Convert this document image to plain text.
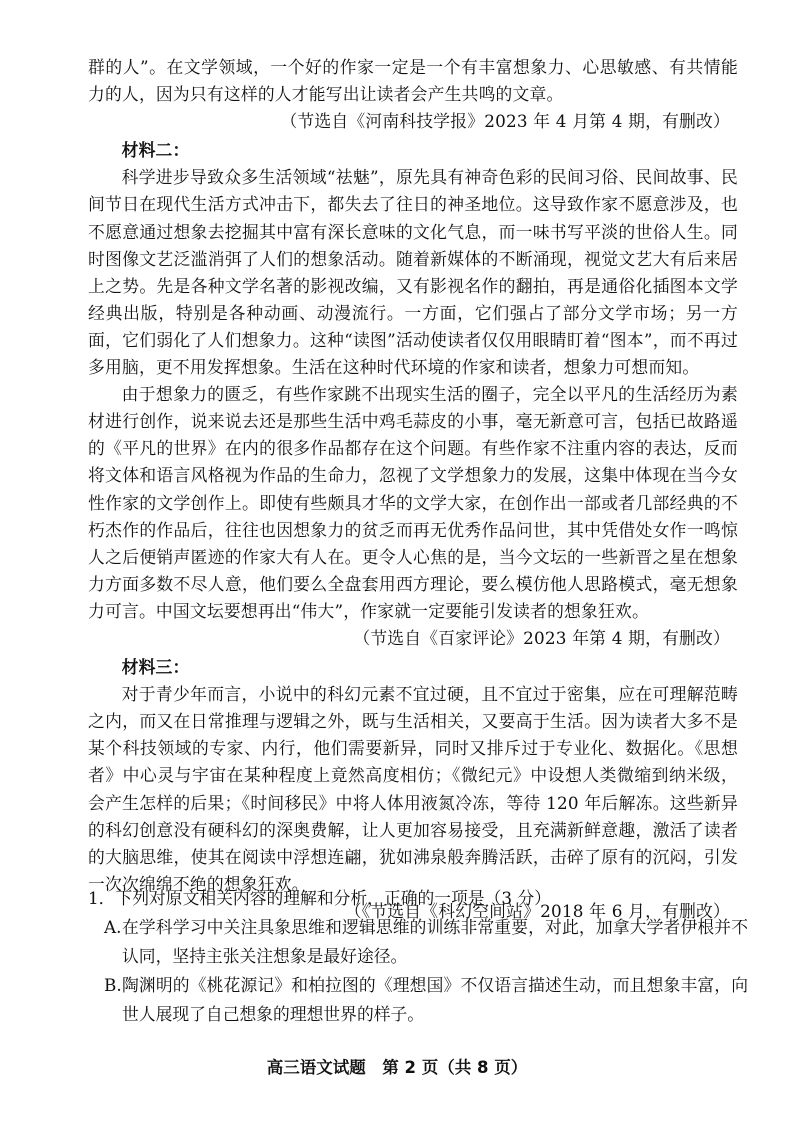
群的人”。在文学领域，一个好的作家一定是一个有丰富想象力、心思敏感、有共情能力的人，因为只有这样的人才能写出让读者会产生共鸣的文章。

（节选自《河南科技学报》2023 年 4 月第 4 期，有删改）

材料二：

科学进步导致众多生活领域“祛魅”，原先具有神奇色彩的民间习俗、民间故事、民间节日在现代生活方式冲击下，都失去了往日的神圣地位。这导致作家不愿意涉及，也不愿意通过想象去挖掘其中富有深长意味的文化气息，而一味书写平淡的世俗人生。同时图像文艺泛滥消弭了人们的想象活动。随着新媒体的不断涌现，视觉文艺大有后来居上之势。先是各种文学名著的影视改编，又有影视名作的翻拍，再是通俗化插图本文学经典出版，特别是各种动画、动漫流行。一方面，它们强占了部分文学市场；另一方面，它们弱化了人们想象力。这种“读图”活动使读者仅仅用眼睛盯着“图本”，而不再过多用脑，更不用发挥想象。生活在这种时代环境的作家和读者，想象力可想而知。

由于想象力的匮乏，有些作家跳不出现实生活的圈子，完全以平凡的生活经历为素材进行创作，说来说去还是那些生活中鸡毛蒜皮的小事，毫无新意可言，包括已故路遥的《平凡的世界》在内的很多作品都存在这个问题。有些作家不注重内容的表达，反而将文体和语言风格视为作品的生命力，忽视了文学想象力的发展，这集中体现在当今女性作家的文学创作上。即使有些颇具才华的文学大家，在创作出一部或者几部经典的不朽杰作的作品后，往往也因想象力的贫乏而再无优秀作品问世，其中凭借处女作一鸣惊人之后便销声匿迹的作家大有人在。更令人心焦的是，当今文坛的一些新晋之星在想象力方面多数不尽人意，他们要么全盘套用西方理论，要么模仿他人思路模式，毫无想象力可言。中国文坛要想再出“伟大”，作家就一定要能引发读者的想象狂欢。

（节选自《百家评论》2023 年第 4 期，有删改）

材料三：

对于青少年而言，小说中的科幻元素不宜过硬，且不宜过于密集，应在可理解范畴之内，而又在日常推理与逻辑之外，既与生活相关，又要高于生活。因为读者大多不是某个科技领域的专家、内行，他们需要新异，同时又排斥过于专业化、数据化。《思想者》中心灵与宇宙在某种程度上竟然高度相仿；《微纪元》中设想人类微缩到纳米级，会产生怎样的后果；《时间移民》中将人体用液氮冷冻，等待 120 年后解冻。这些新异的科幻创意没有硬科幻的深奥费解，让人更加容易接受，且充满新鲜意趣，激活了读者的大脑思维，使其在阅读中浮想连翩，犹如沸泉般奔腾活跃，击碎了原有的沉闷，引发一次次绵绵不绝的想象狂欢。

（《节选自《科幻空间站》2018 年 6 月，有删改）

1．下列对原文相关内容的理解和分析，正确的一项是（3 分）

A. 在学科学习中关注具象思维和逻辑思维的训练非常重要，对此，加拿大学者伊根并不认同，坚持主张关注想象是最好途径。
B. 陶渊明的《桃花源记》和柏拉图的《理想国》不仅语言描述生动，而且想象丰富，向世人展现了自己想象的理想世界的样子。
高三语文试题　第 2 页（共 8 页）
